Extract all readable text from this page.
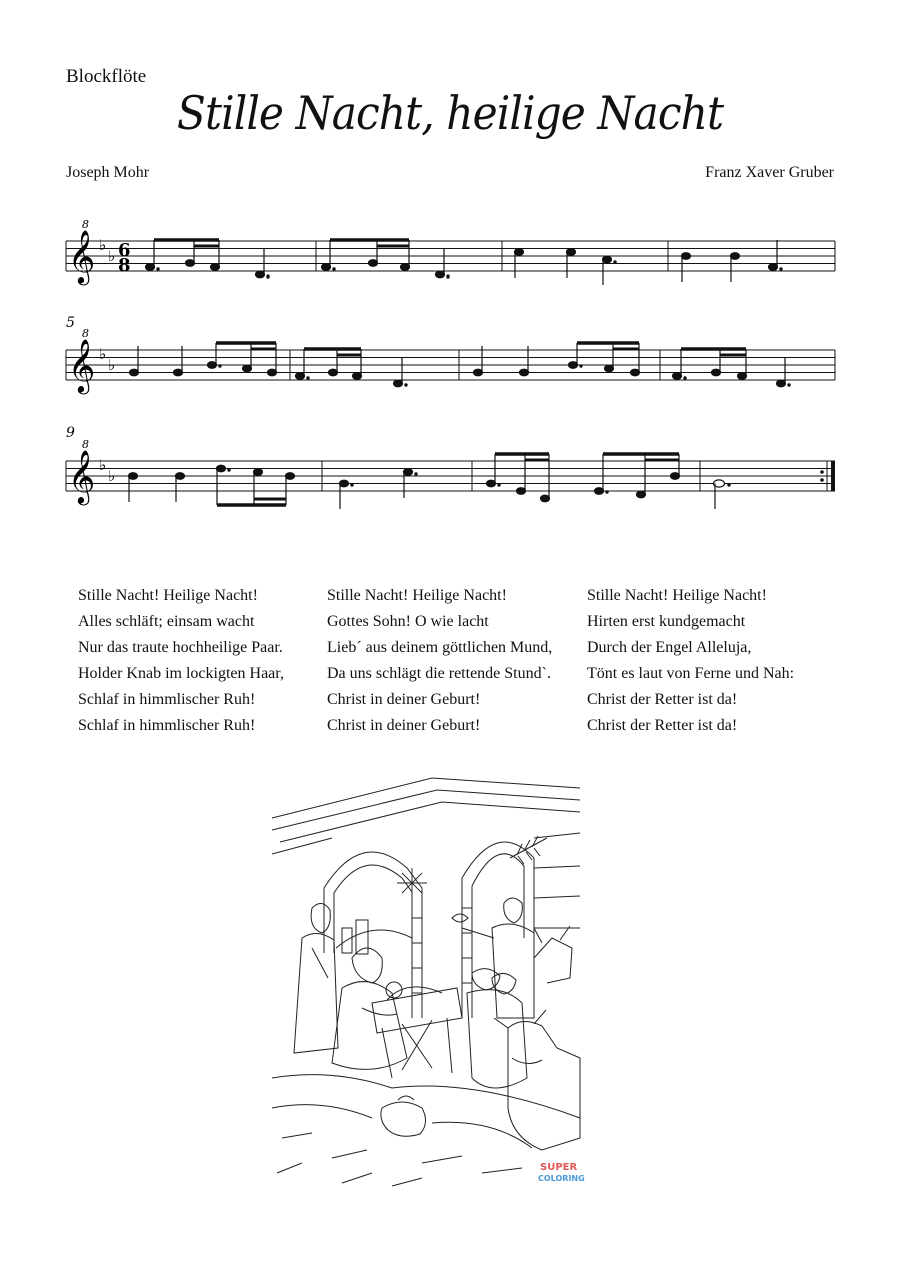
Blockflöte
Stille Nacht, heilige Nacht
Joseph Mohr	Franz Xaver Gruber
𝄞
8
♭
♭ 6
8
5
𝄞
8
♭
♭
9
𝄞
8
♭
♭
Stille Nacht! Heilige Nacht!
Alles schläft; einsam wacht
Nur das traute hochheilige Paar.
Holder Knab im lockigten Haar,
Schlaf in himmlischer Ruh!
Schlaf in himmlischer Ruh!
Stille Nacht! Heilige Nacht!
Gottes Sohn! O wie lacht
Lieb´ aus deinem göttlichen Mund,
Da uns schlägt die rettende Stund`.
Christ in deiner Geburt!
Christ in deiner Geburt!
Stille Nacht! Heilige Nacht!
Hirten erst kundgemacht
Durch der Engel Alleluja,
Tönt es laut von Ferne und Nah:
Christ der Retter ist da!
Christ der Retter ist da!
SUPER
COLORING
